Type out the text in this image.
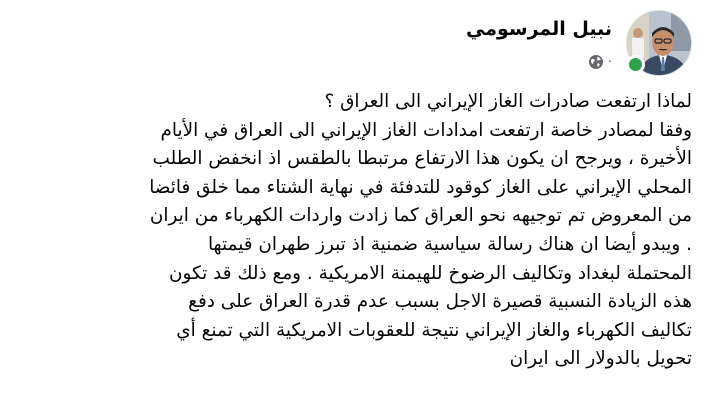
نبيل المرسومي
·
لماذا ارتفعت صادرات الغاز الإيراني الى العراق ؟
وفقا لمصادر خاصة ارتفعت امدادات الغاز الإيراني الى العراق في الأيام
الأخيرة ، ويرجح ان يكون هذا الارتفاع مرتبطا بالطقس اذ انخفض الطلب
المحلي الإيراني على الغاز كوقود للتدفئة في نهاية الشتاء مما خلق فائضا
من المعروض تم توجيهه نحو العراق كما زادت واردات الكهرباء من ايران
. ويبدو أيضا ان هناك رسالة سياسية ضمنية اذ تبرز طهران قيمتها
المحتملة لبغداد وتكاليف الرضوخ للهيمنة الامريكية . ومع ذلك قد تكون
هذه الزيادة النسبية قصيرة الاجل بسبب عدم قدرة العراق على دفع
تكاليف الكهرباء والغاز الإيراني نتيجة للعقوبات الامريكية التي تمنع أي
تحويل بالدولار الى ايران
